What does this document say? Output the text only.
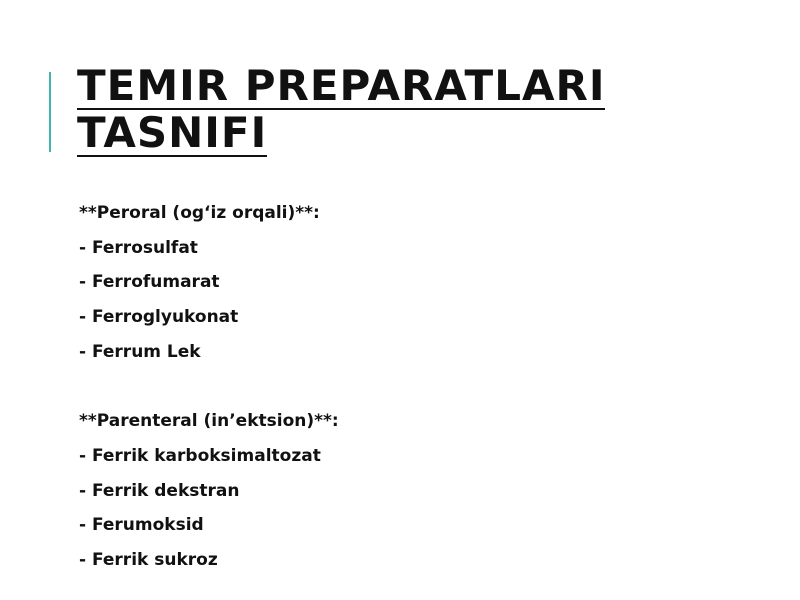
TEMIR PREPARATLARI
TASNIFI
**Peroral (og‘iz orqali)**:
- Ferrosulfat
- Ferrofumarat
- Ferroglyukonat
- Ferrum Lek
**Parenteral (in’ektsion)**:
- Ferrik karboksimaltozat
- Ferrik dekstran
- Ferumoksid
- Ferrik sukroz
